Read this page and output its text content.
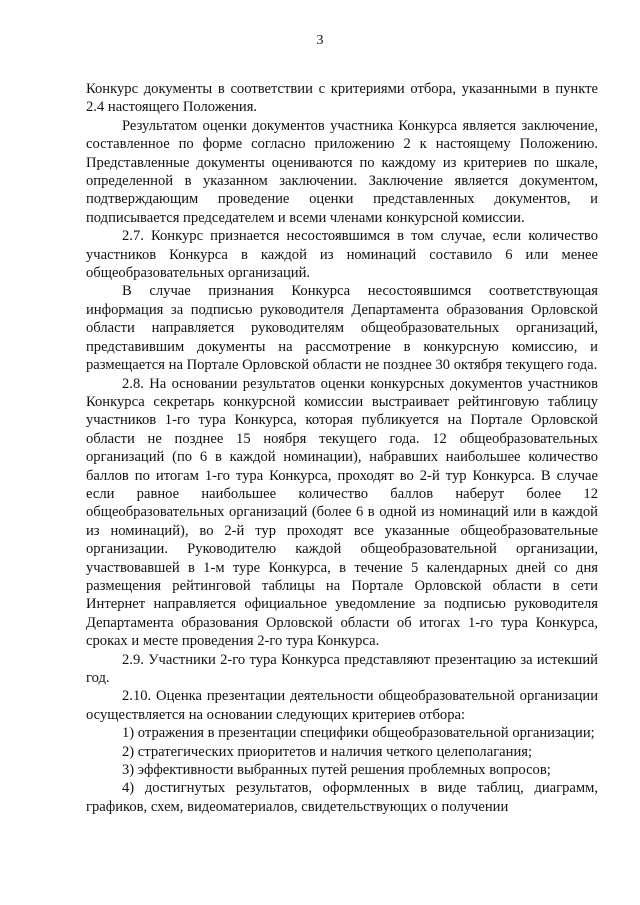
3

Конкурс документы в соответствии с критериями отбора, указанными в пункте 2.4 настоящего Положения.

Результатом оценки документов участника Конкурса является заключение, составленное по форме согласно приложению 2 к настоящему Положению. Представленные документы оцениваются по каждому из критериев по шкале, определенной в указанном заключении. Заключение является документом, подтверждающим проведение оценки представленных документов, и подписывается председателем и всеми членами конкурсной комиссии.

2.7. Конкурс признается несостоявшимся в том случае, если количество участников Конкурса в каждой из номинаций составило 6 или менее общеобразовательных организаций.

В случае признания Конкурса несостоявшимся соответствующая информация за подписью руководителя Департамента образования Орловской области направляется руководителям общеобразовательных организаций, представившим документы на рассмотрение в конкурсную комиссию, и размещается на Портале Орловской области не позднее 30 октября текущего года.

2.8. На основании результатов оценки конкурсных документов участников Конкурса секретарь конкурсной комиссии выстраивает рейтинговую таблицу участников 1-го тура Конкурса, которая публикуется на Портале Орловской области не позднее 15 ноября текущего года. 12 общеобразовательных организаций (по 6 в каждой номинации), набравших наибольшее количество баллов по итогам 1-го тура Конкурса, проходят во 2-й тур Конкурса. В случае если равное наибольшее количество баллов наберут более 12 общеобразовательных организаций (более 6 в одной из номинаций или в каждой из номинаций), во 2-й тур проходят все указанные общеобразовательные организации. Руководителю каждой общеобразовательной организации, участвовавшей в 1-м туре Конкурса, в течение 5 календарных дней со дня размещения рейтинговой таблицы на Портале Орловской области в сети Интернет направляется официальное уведомление за подписью руководителя Департамента образования Орловской области об итогах 1-го тура Конкурса, сроках и месте проведения 2-го тура Конкурса.

2.9. Участники 2-го тура Конкурса представляют презентацию за истекший год.

2.10. Оценка презентации деятельности общеобразовательной организации осуществляется на основании следующих критериев отбора:

1) отражения в презентации специфики общеобразовательной организации;

2) стратегических приоритетов и наличия четкого целеполагания;

3) эффективности выбранных путей решения проблемных вопросов;

4) достигнутых результатов, оформленных в виде таблиц, диаграмм, графиков, схем, видеоматериалов, свидетельствующих о получении
